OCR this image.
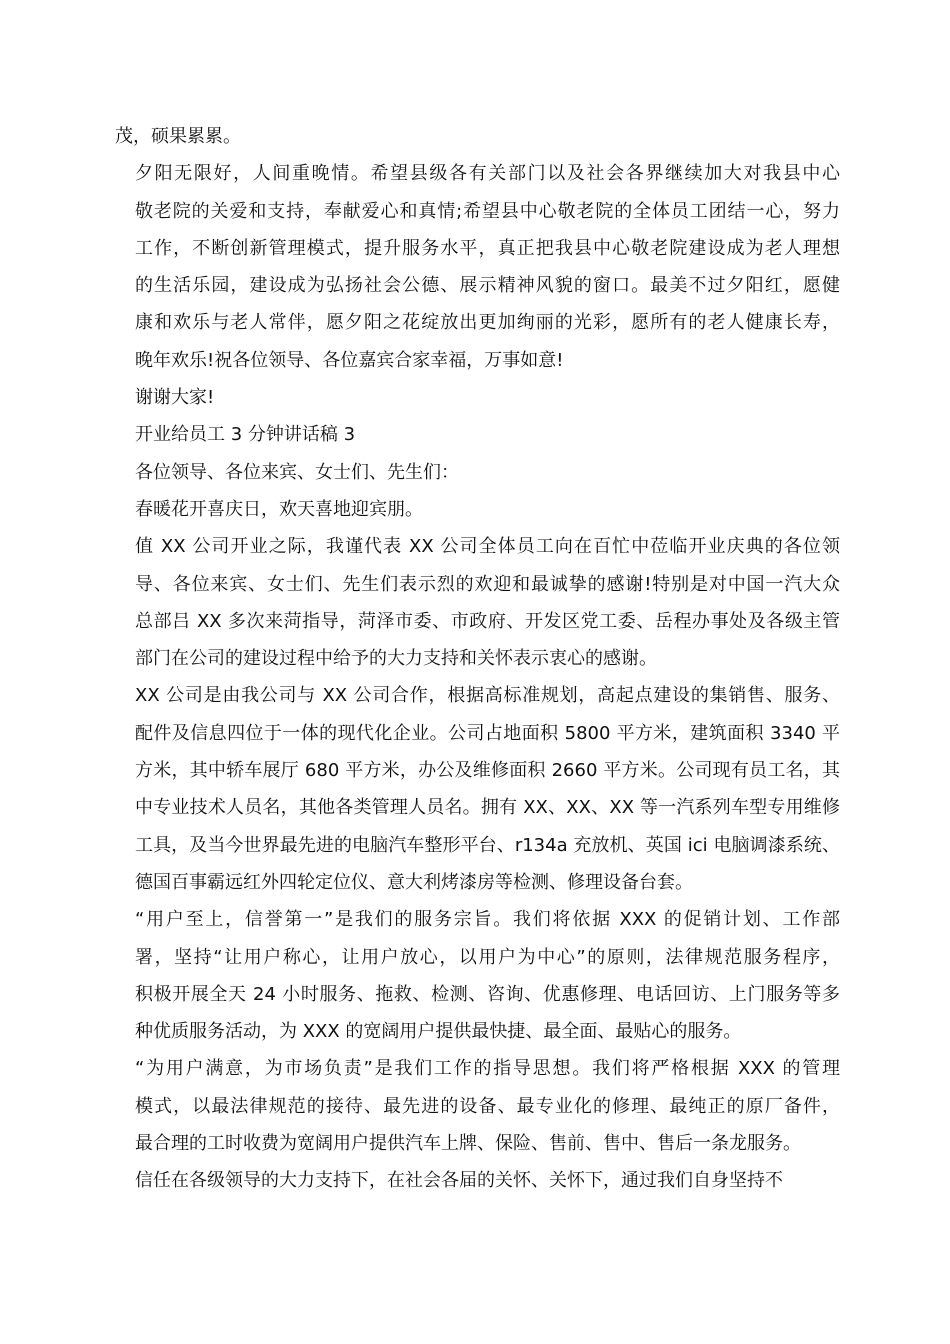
茂，硕果累累。
夕阳无限好，人间重晚情。希望县级各有关部门以及社会各界继续加大对我县中心
敬老院的关爱和支持，奉献爱心和真情;希望县中心敬老院的全体员工团结一心，努力
工作，不断创新管理模式，提升服务水平，真正把我县中心敬老院建设成为老人理想
的生活乐园，建设成为弘扬社会公德、展示精神风貌的窗口。最美不过夕阳红，愿健
康和欢乐与老人常伴，愿夕阳之花绽放出更加绚丽的光彩，愿所有的老人健康长寿，
晚年欢乐!祝各位领导、各位嘉宾合家幸福，万事如意!
谢谢大家!
开业给员工 3 分钟讲话稿 3
各位领导、各位来宾、女士们、先生们：
春暖花开喜庆日，欢天喜地迎宾朋。
值 XX 公司开业之际，我谨代表 XX 公司全体员工向在百忙中莅临开业庆典的各位领
导、各位来宾、女士们、先生们表示烈的欢迎和最诚挚的感谢!特别是对中国一汽大众
总部吕 XX 多次来菏指导，菏泽市委、市政府、开发区党工委、岳程办事处及各级主管
部门在公司的建设过程中给予的大力支持和关怀表示衷心的感谢。
XX 公司是由我公司与 XX 公司合作，根据高标准规划，高起点建设的集销售、服务、
配件及信息四位于一体的现代化企业。公司占地面积 5800 平方米，建筑面积 3340 平
方米，其中轿车展厅 680 平方米，办公及维修面积 2660 平方米。公司现有员工名，其
中专业技术人员名，其他各类管理人员名。拥有 XX、XX、XX 等一汽系列车型专用维修
工具，及当今世界最先进的电脑汽车整形平台、r134a 充放机、英国 ici 电脑调漆系统、
德国百事霸远红外四轮定位仪、意大利烤漆房等检测、修理设备台套。
“用户至上，信誉第一”是我们的服务宗旨。我们将依据 XXX 的促销计划、工作部
署，坚持“让用户称心，让用户放心，以用户为中心”的原则，法律规范服务程序，
积极开展全天 24 小时服务、拖救、检测、咨询、优惠修理、电话回访、上门服务等多
种优质服务活动，为 XXX 的宽阔用户提供最快捷、最全面、最贴心的服务。
“为用户满意，为市场负责”是我们工作的指导思想。我们将严格根据 XXX 的管理
模式，以最法律规范的接待、最先进的设备、最专业化的修理、最纯正的原厂备件，
最合理的工时收费为宽阔用户提供汽车上牌、保险、售前、售中、售后一条龙服务。
信任在各级领导的大力支持下，在社会各届的关怀、关怀下，通过我们自身坚持不
